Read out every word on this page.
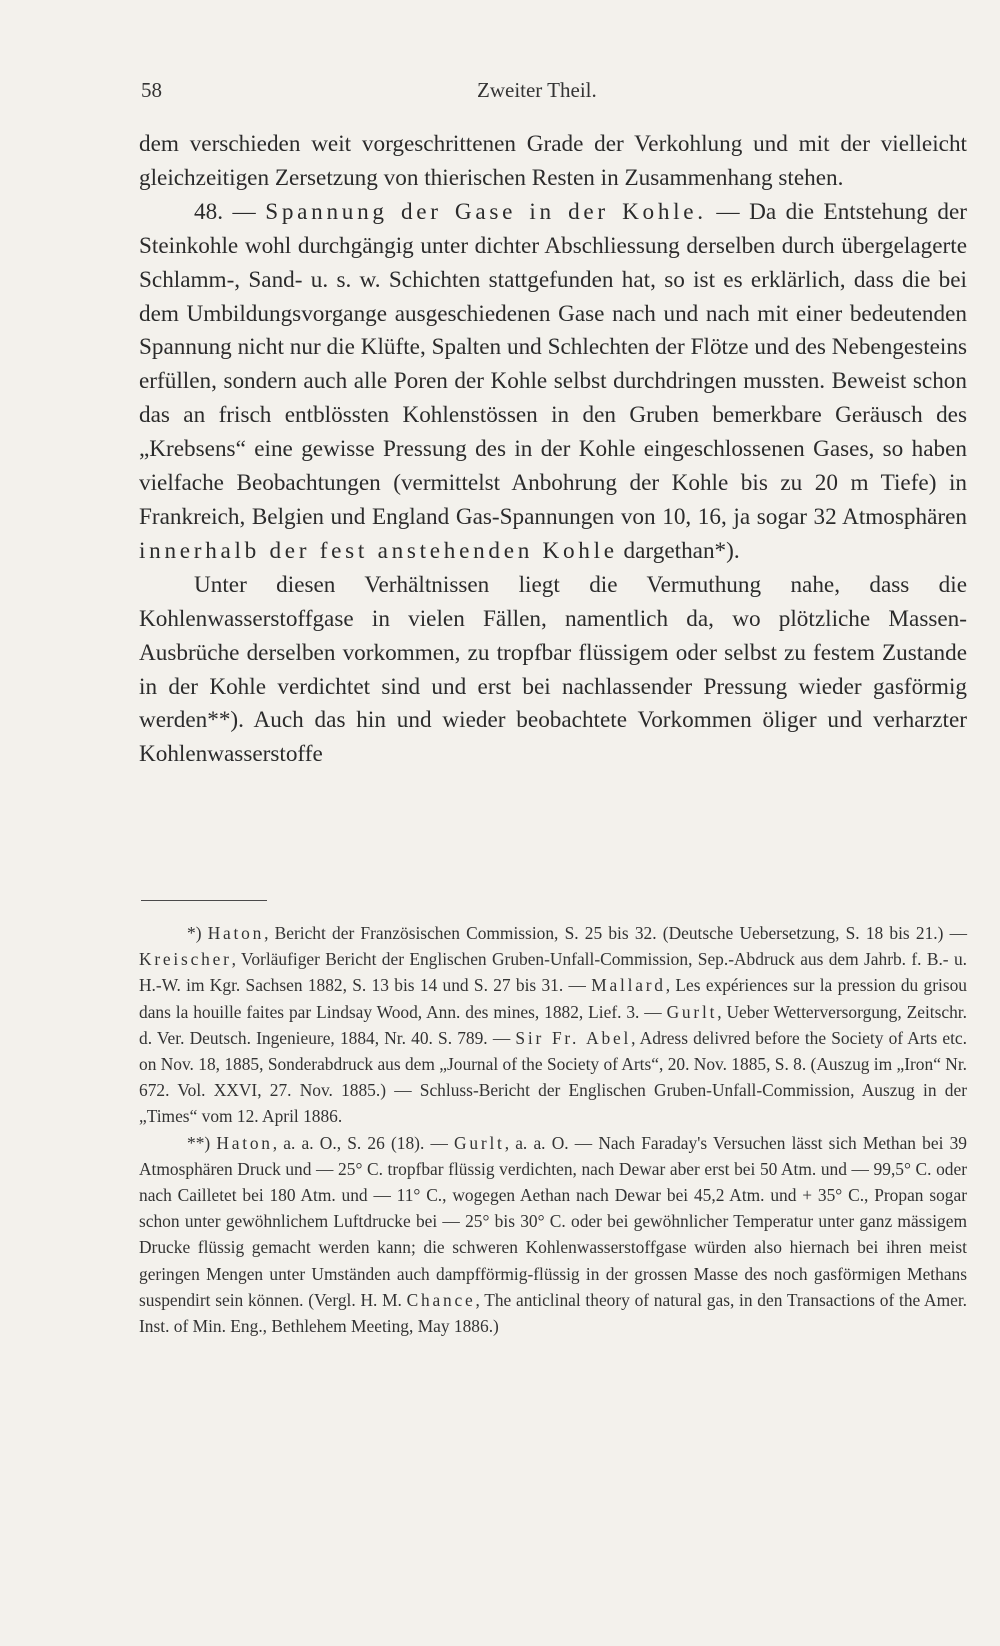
58	Zweiter Theil.

dem verschieden weit vorgeschrittenen Grade der Verkohlung und mit der vielleicht gleichzeitigen Zersetzung von thierischen Resten in Zusammenhang stehen.

48. — Spannung der Gase in der Kohle. — Da die Entstehung der Steinkohle wohl durchgängig unter dichter Abschliessung derselben durch übergelagerte Schlamm-, Sand- u. s. w. Schichten stattgefunden hat, so ist es erklärlich, dass die bei dem Umbildungsvorgange ausgeschiedenen Gase nach und nach mit einer bedeutenden Spannung nicht nur die Klüfte, Spalten und Schlechten der Flötze und des Nebengesteins erfüllen, sondern auch alle Poren der Kohle selbst durchdringen mussten. Beweist schon das an frisch entblössten Kohlenstössen in den Gruben bemerkbare Geräusch des „Krebsens“ eine gewisse Pressung des in der Kohle eingeschlossenen Gases, so haben vielfache Beobachtungen (vermittelst Anbohrung der Kohle bis zu 20 m Tiefe) in Frankreich, Belgien und England Gas-Spannungen von 10, 16, ja sogar 32 Atmosphären innerhalb der fest anstehenden Kohle dargethan*).

Unter diesen Verhältnissen liegt die Vermuthung nahe, dass die Kohlenwasserstoffgase in vielen Fällen, namentlich da, wo plötzliche Massen-Ausbrüche derselben vorkommen, zu tropfbar flüssigem oder selbst zu festem Zustande in der Kohle verdichtet sind und erst bei nachlassender Pressung wieder gasförmig werden**). Auch das hin und wieder beobachtete Vorkommen öliger und verharzter Kohlenwasserstoffe

*) Haton, Bericht der Französischen Commission, S. 25 bis 32. (Deutsche Uebersetzung, S. 18 bis 21.) — Kreischer, Vorläufiger Bericht der Englischen Gruben-Unfall-Commission, Sep.-Abdruck aus dem Jahrb. f. B.- u. H.-W. im Kgr. Sachsen 1882, S. 13 bis 14 und S. 27 bis 31. — Mallard, Les expériences sur la pression du grisou dans la houille faites par Lindsay Wood, Ann. des mines, 1882, Lief. 3. — Gurlt, Ueber Wetterversorgung, Zeitschr. d. Ver. Deutsch. Ingenieure, 1884, Nr. 40. S. 789. — Sir Fr. Abel, Adress delivred before the Society of Arts etc. on Nov. 18, 1885, Sonderabdruck aus dem „Journal of the Society of Arts“, 20. Nov. 1885, S. 8. (Auszug im „Iron“ Nr. 672. Vol. XXVI, 27. Nov. 1885.) — Schluss-Bericht der Englischen Gruben-Unfall-Commission, Auszug in der „Times“ vom 12. April 1886.

**) Haton, a. a. O., S. 26 (18). — Gurlt, a. a. O. — Nach Faraday's Versuchen lässt sich Methan bei 39 Atmosphären Druck und — 25° C. tropfbar flüssig verdichten, nach Dewar aber erst bei 50 Atm. und — 99,5° C. oder nach Cailletet bei 180 Atm. und — 11° C., wogegen Aethan nach Dewar bei 45,2 Atm. und + 35° C., Propan sogar schon unter gewöhnlichem Luftdrucke bei — 25° bis 30° C. oder bei gewöhnlicher Temperatur unter ganz mässigem Drucke flüssig gemacht werden kann; die schweren Kohlenwasserstoffgase würden also hiernach bei ihren meist geringen Mengen unter Umständen auch dampfförmig-flüssig in der grossen Masse des noch gasförmigen Methans suspendirt sein können. (Vergl. H. M. Chance, The anticlinal theory of natural gas, in den Transactions of the Amer. Inst. of Min. Eng., Bethlehem Meeting, May 1886.)
